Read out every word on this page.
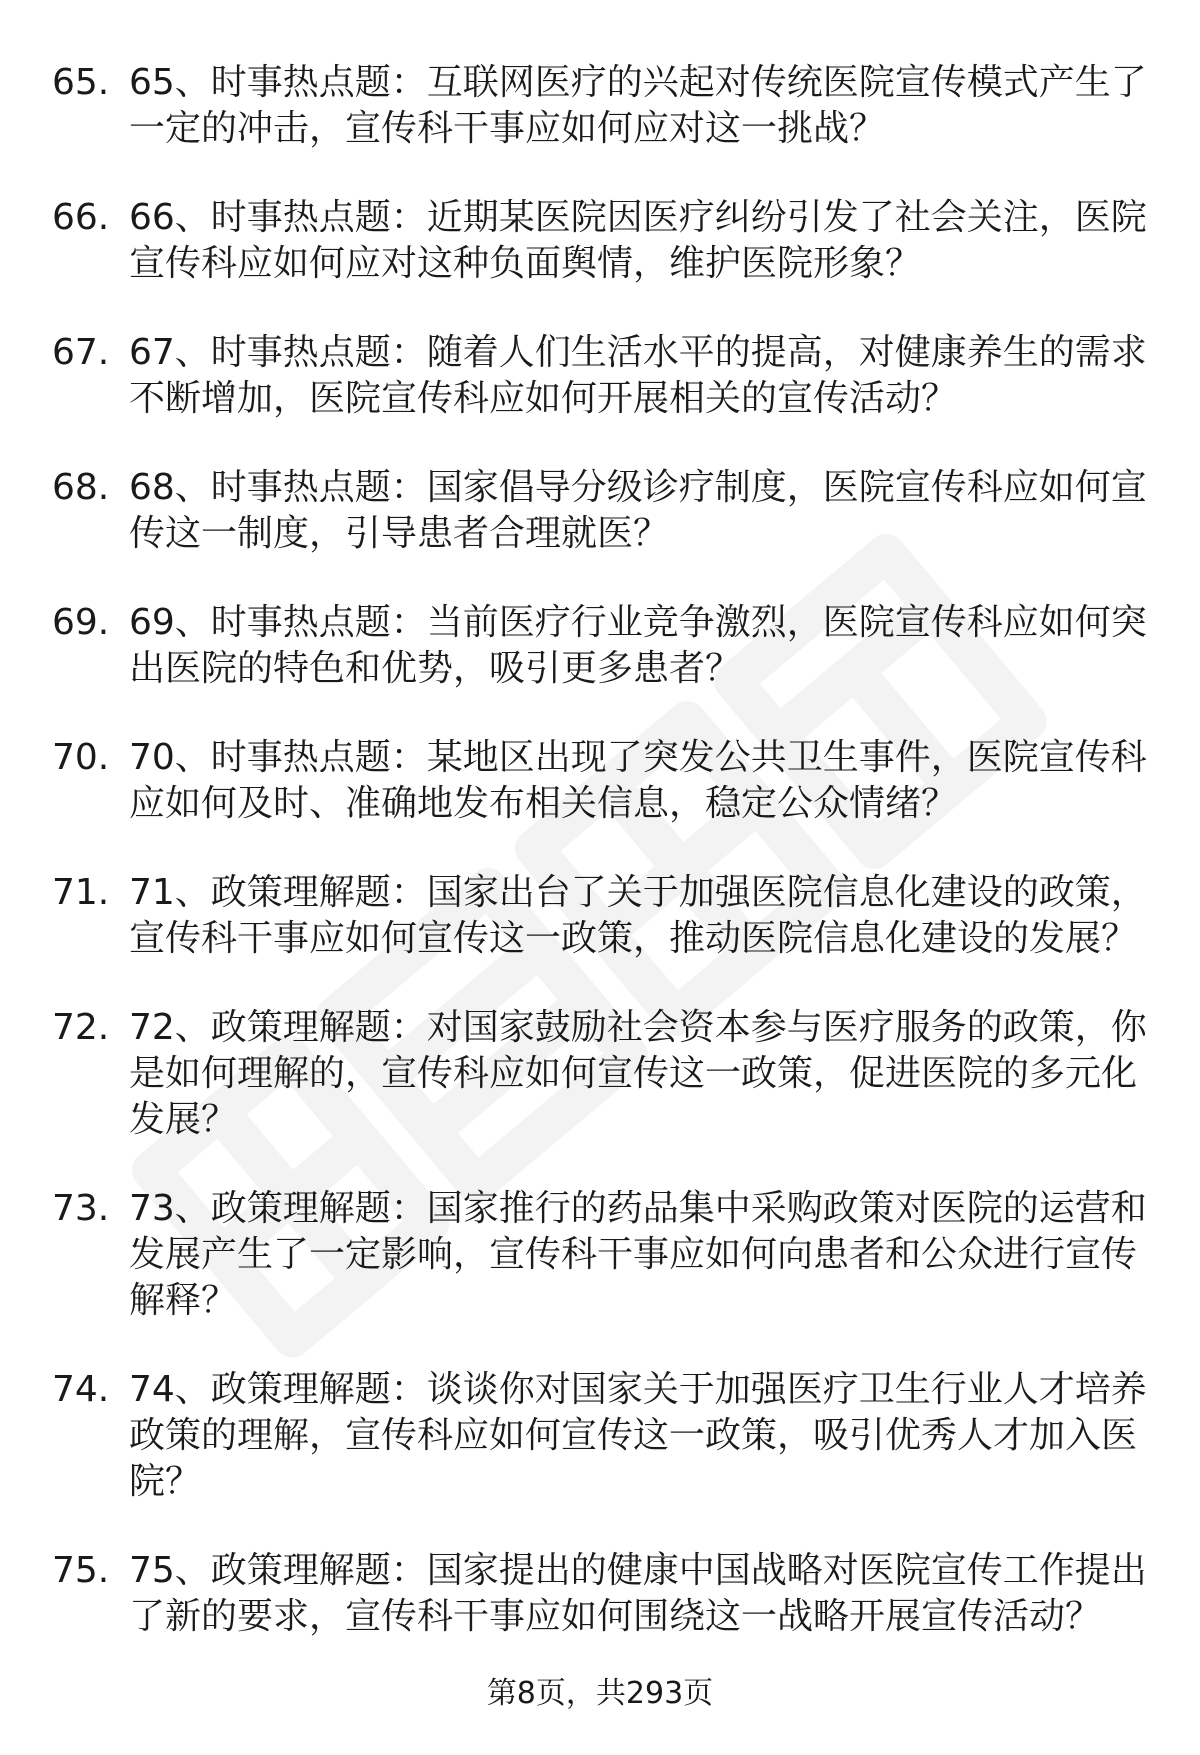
65. 65、时事热点题：互联网医疗的兴起对传统医院宣传模式产生了一定的冲击，宣传科干事应如何应对这一挑战？
66. 66、时事热点题：近期某医院因医疗纠纷引发了社会关注，医院宣传科应如何应对这种负面舆情，维护医院形象？
67. 67、时事热点题：随着人们生活水平的提高，对健康养生的需求不断增加，医院宣传科应如何开展相关的宣传活动？
68. 68、时事热点题：国家倡导分级诊疗制度，医院宣传科应如何宣传这一制度，引导患者合理就医？
69. 69、时事热点题：当前医疗行业竞争激烈，医院宣传科应如何突出医院的特色和优势，吸引更多患者？
70. 70、时事热点题：某地区出现了突发公共卫生事件，医院宣传科应如何及时、准确地发布相关信息，稳定公众情绪？
71. 71、政策理解题：国家出台了关于加强医院信息化建设的政策，宣传科干事应如何宣传这一政策，推动医院信息化建设的发展？
72. 72、政策理解题：对国家鼓励社会资本参与医疗服务的政策，你是如何理解的，宣传科应如何宣传这一政策，促进医院的多元化发展？
73. 73、政策理解题：国家推行的药品集中采购政策对医院的运营和发展产生了一定影响，宣传科干事应如何向患者和公众进行宣传解释？
74. 74、政策理解题：谈谈你对国家关于加强医疗卫生行业人才培养政策的理解，宣传科应如何宣传这一政策，吸引优秀人才加入医院？
75. 75、政策理解题：国家提出的健康中国战略对医院宣传工作提出了新的要求，宣传科干事应如何围绕这一战略开展宣传活动？
第8页，共293页
